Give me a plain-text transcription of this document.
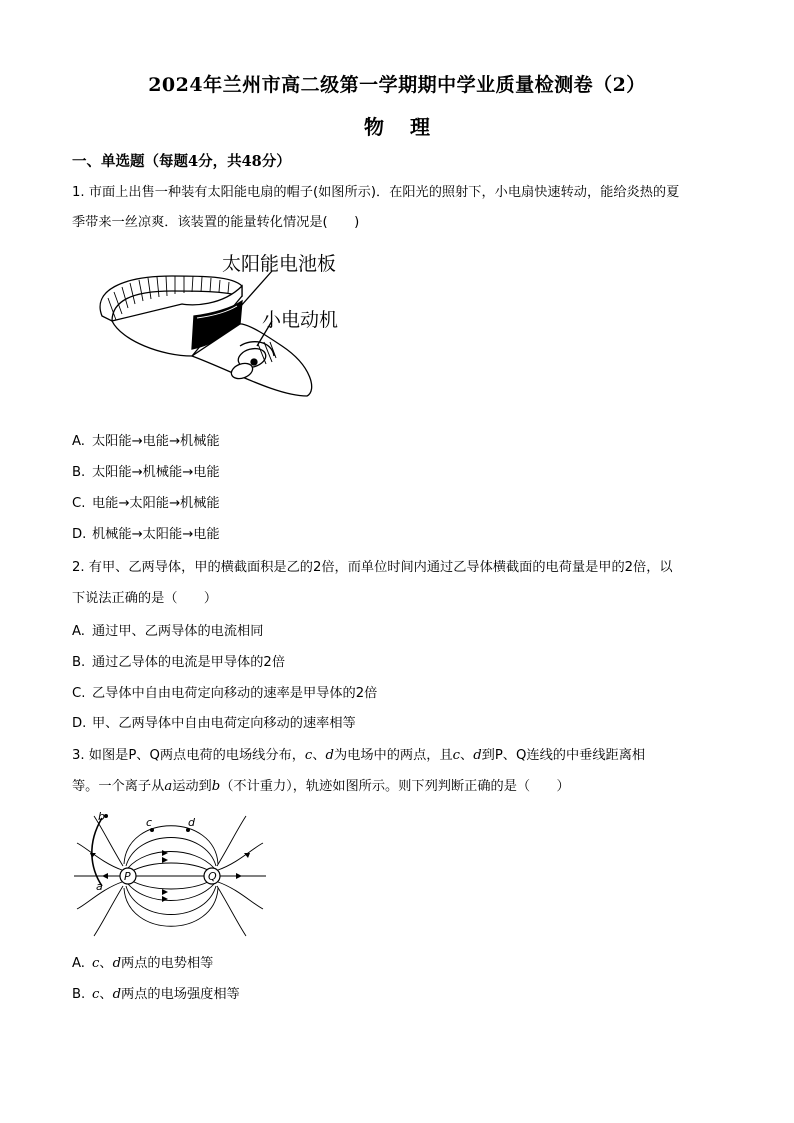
2024年兰州市高二级第一学期期中学业质量检测卷（2）
物理
一、单选题（每题4分，共48分）
1. 市面上出售一种装有太阳能电扇的帽子(如图所示)．在阳光的照射下，小电扇快速转动，能给炎热的夏
季带来一丝凉爽．该装置的能量转化情况是(　　)
太阳能电池板
小电动机
A. 太阳能→电能→机械能
B. 太阳能→机械能→电能
C. 电能→太阳能→机械能
D. 机械能→太阳能→电能
2. 有甲、乙两导体，甲的横截面积是乙的2倍，而单位时间内通过乙导体横截面的电荷量是甲的2倍，以
下说法正确的是（　　）
A. 通过甲、乙两导体的电流相同
B. 通过乙导体的电流是甲导体的2倍
C. 乙导体中自由电荷定向移动的速率是甲导体的2倍
D. 甲、乙两导体中自由电荷定向移动的速率相等
3. 如图是P、Q两点电荷的电场线分布，c、d为电场中的两点，且c、d到P、Q连线的中垂线距离相
等。一个离子从a运动到b（不计重力），轨迹如图所示。则下列判断正确的是（　　）
P	Q
b	c	d
a
A. c、d两点的电势相等
B. c、d两点的电场强度相等
